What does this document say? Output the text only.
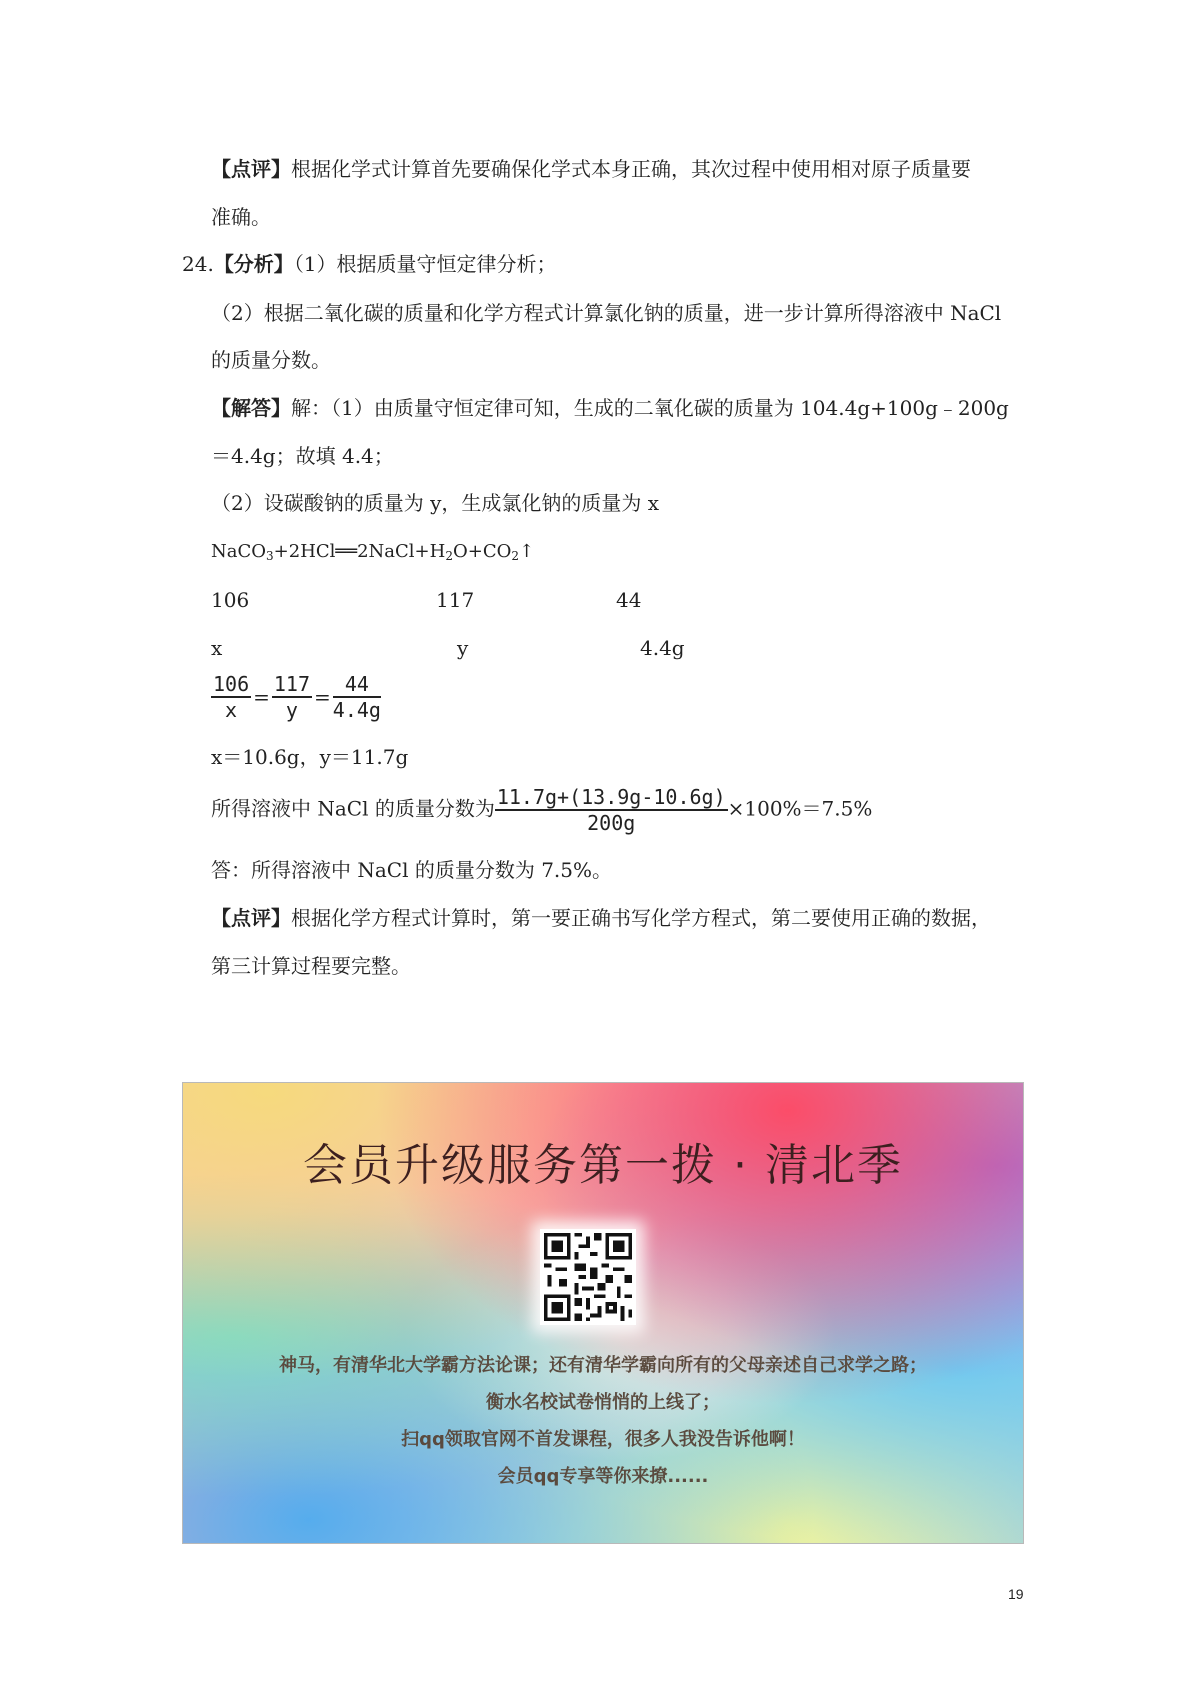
【点评】根据化学式计算首先要确保化学式本身正确，其次过程中使用相对原子质量要
准确。
24.【分析】（1）根据质量守恒定律分析；
（2）根据二氧化碳的质量和化学方程式计算氯化钠的质量，进一步计算所得溶液中 NaCl
的质量分数。
【解答】解：（1）由质量守恒定律可知，生成的二氧化碳的质量为 104.4g+100g﹣200g
＝4.4g；故填 4.4；
（2）设碳酸钠的质量为 y，生成氯化钠的质量为 x
$NaCO_3+2HCl══2NaCl+H_2O+CO_2↑$
106	117	44
x	y	4.4g
$\frac{106}{x} = \frac{117}{y} = \frac{44}{4.4g}$
x＝10.6g，y＝11.7g
所得溶液中 NaCl 的质量分数为 $\frac{11.7g+(13.9g-10.6g)}{200g} \times 100\%=7.5\%$
答：所得溶液中 NaCl 的质量分数为 7.5%。
【点评】根据化学方程式计算时，第一要正确书写化学方程式，第二要使用正确的数据，
第三计算过程要完整。
会员升级服务第一拨 · 清北季
神马，有清华北大学霸方法论课；还有清华学霸向所有的父母亲述自己求学之路；
衡水名校试卷悄悄的上线了；
扫qq领取官网不首发课程，很多人我没告诉他啊！
会员qq专享等你来撩......
19
